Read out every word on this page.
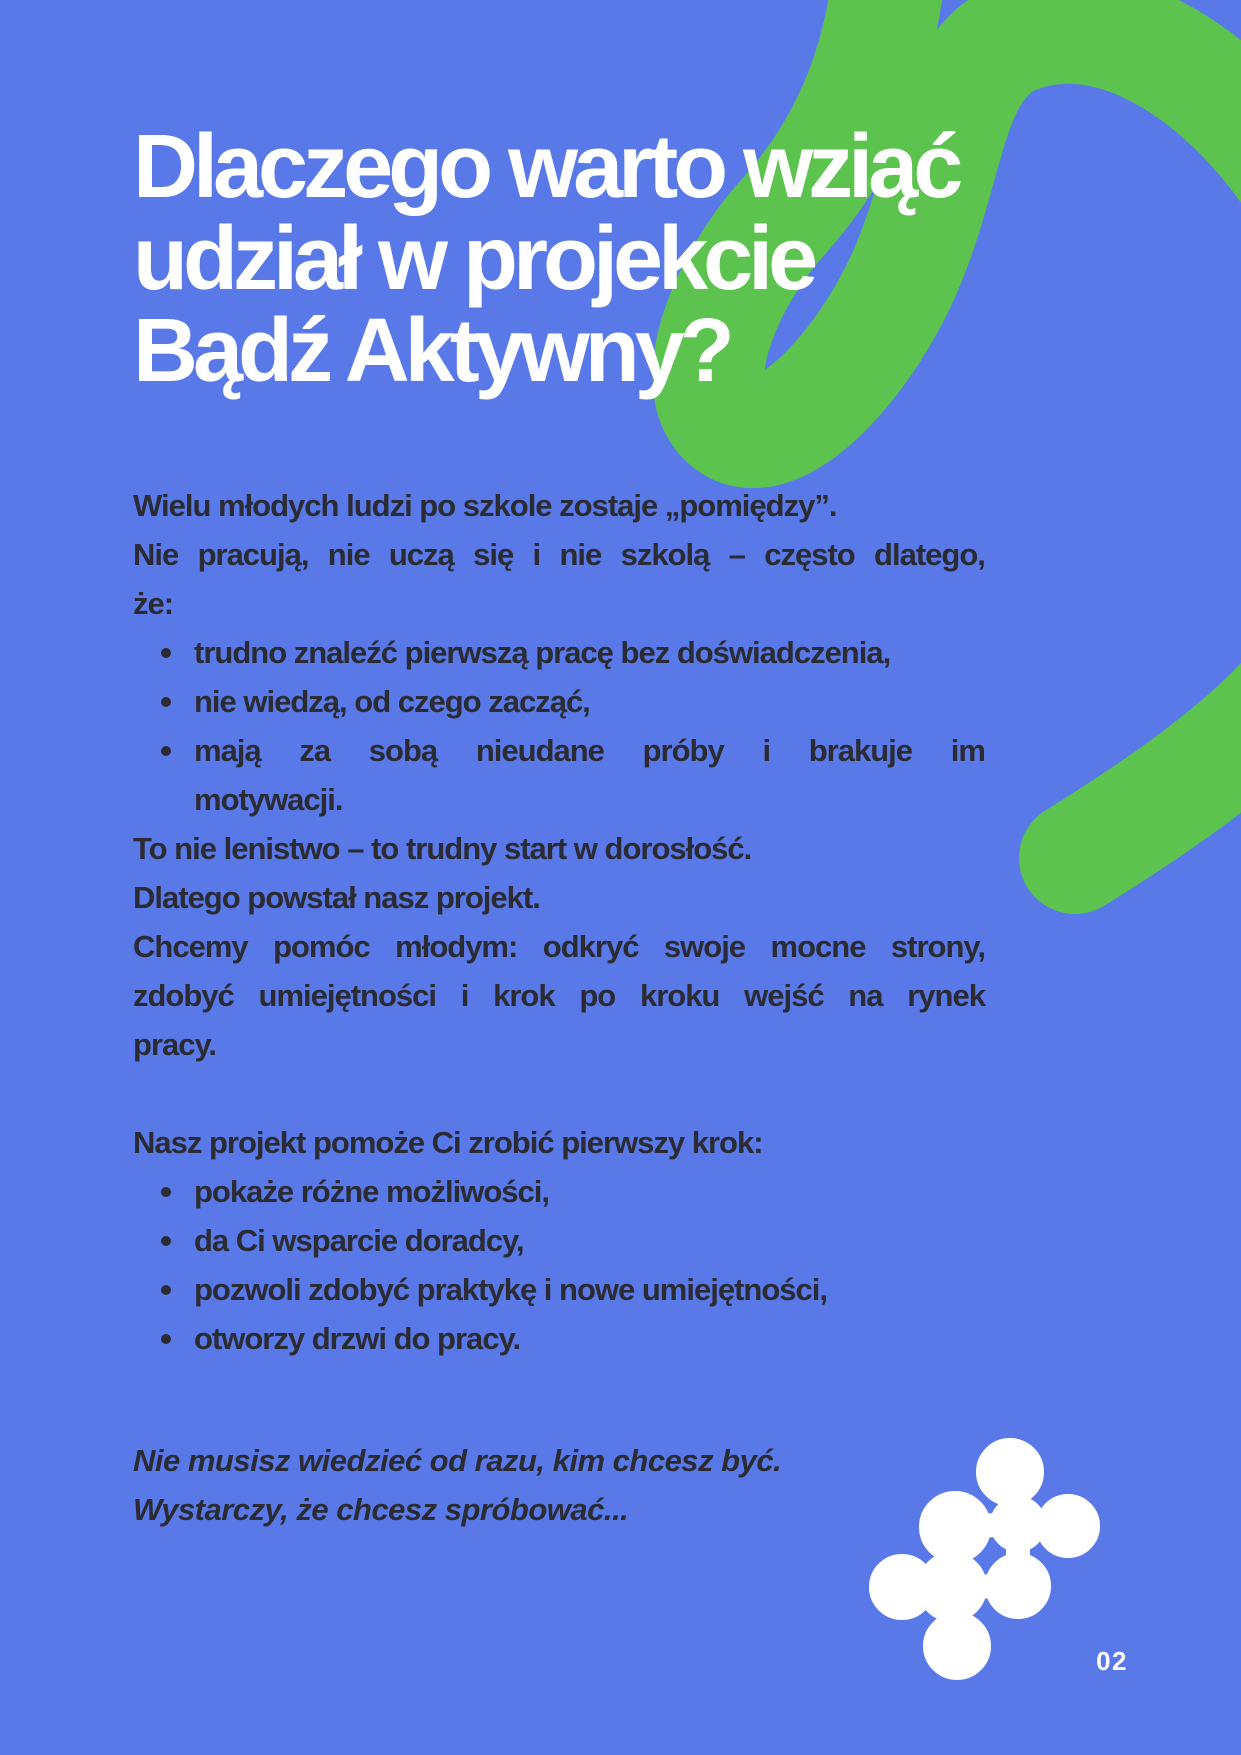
Dlaczego warto wziąć
udział w projekcie
Bądź Aktywny?
Wielu młodych ludzi po szkole zostaje „pomiędzy”.
Nie pracują, nie uczą się i nie szkolą – często dlatego,
że:
trudno znaleźć pierwszą pracę bez doświadczenia,
nie wiedzą, od czego zacząć,
mają za sobą nieudane próby i brakuje im
motywacji.
To nie lenistwo – to trudny start w dorosłość.
Dlatego powstał nasz projekt.
Chcemy pomóc młodym: odkryć swoje mocne strony,
zdobyć umiejętności i krok po kroku wejść na rynek
pracy.
Nasz projekt pomoże Ci zrobić pierwszy krok:
pokaże różne możliwości,
da Ci wsparcie doradcy,
pozwoli zdobyć praktykę i nowe umiejętności,
otworzy drzwi do pracy.
Nie musisz wiedzieć od razu, kim chcesz być.
Wystarczy, że chcesz spróbować...
02
